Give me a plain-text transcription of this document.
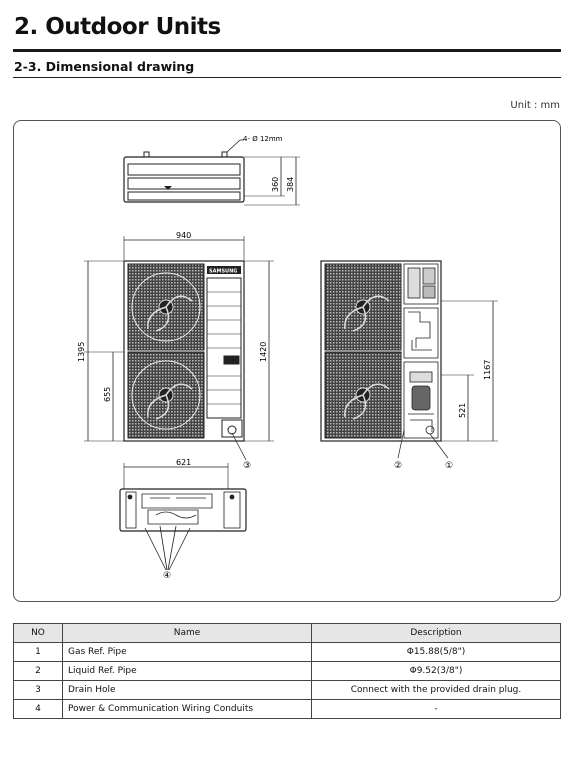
2. Outdoor Units
2-3. Dimensional drawing
Unit : mm
4- Ø 12mm
360 384
940
SAMSUNG
③
1395
655
1420
②	①
1167
521
621
④
NO	Name	Description
1	Gas Ref. Pipe	Φ15.88(5/8")
2	Liquid Ref. Pipe	Φ9.52(3/8")
3	Drain Hole	Connect with the provided drain plug.
4	Power & Communication Wiring Conduits	-
